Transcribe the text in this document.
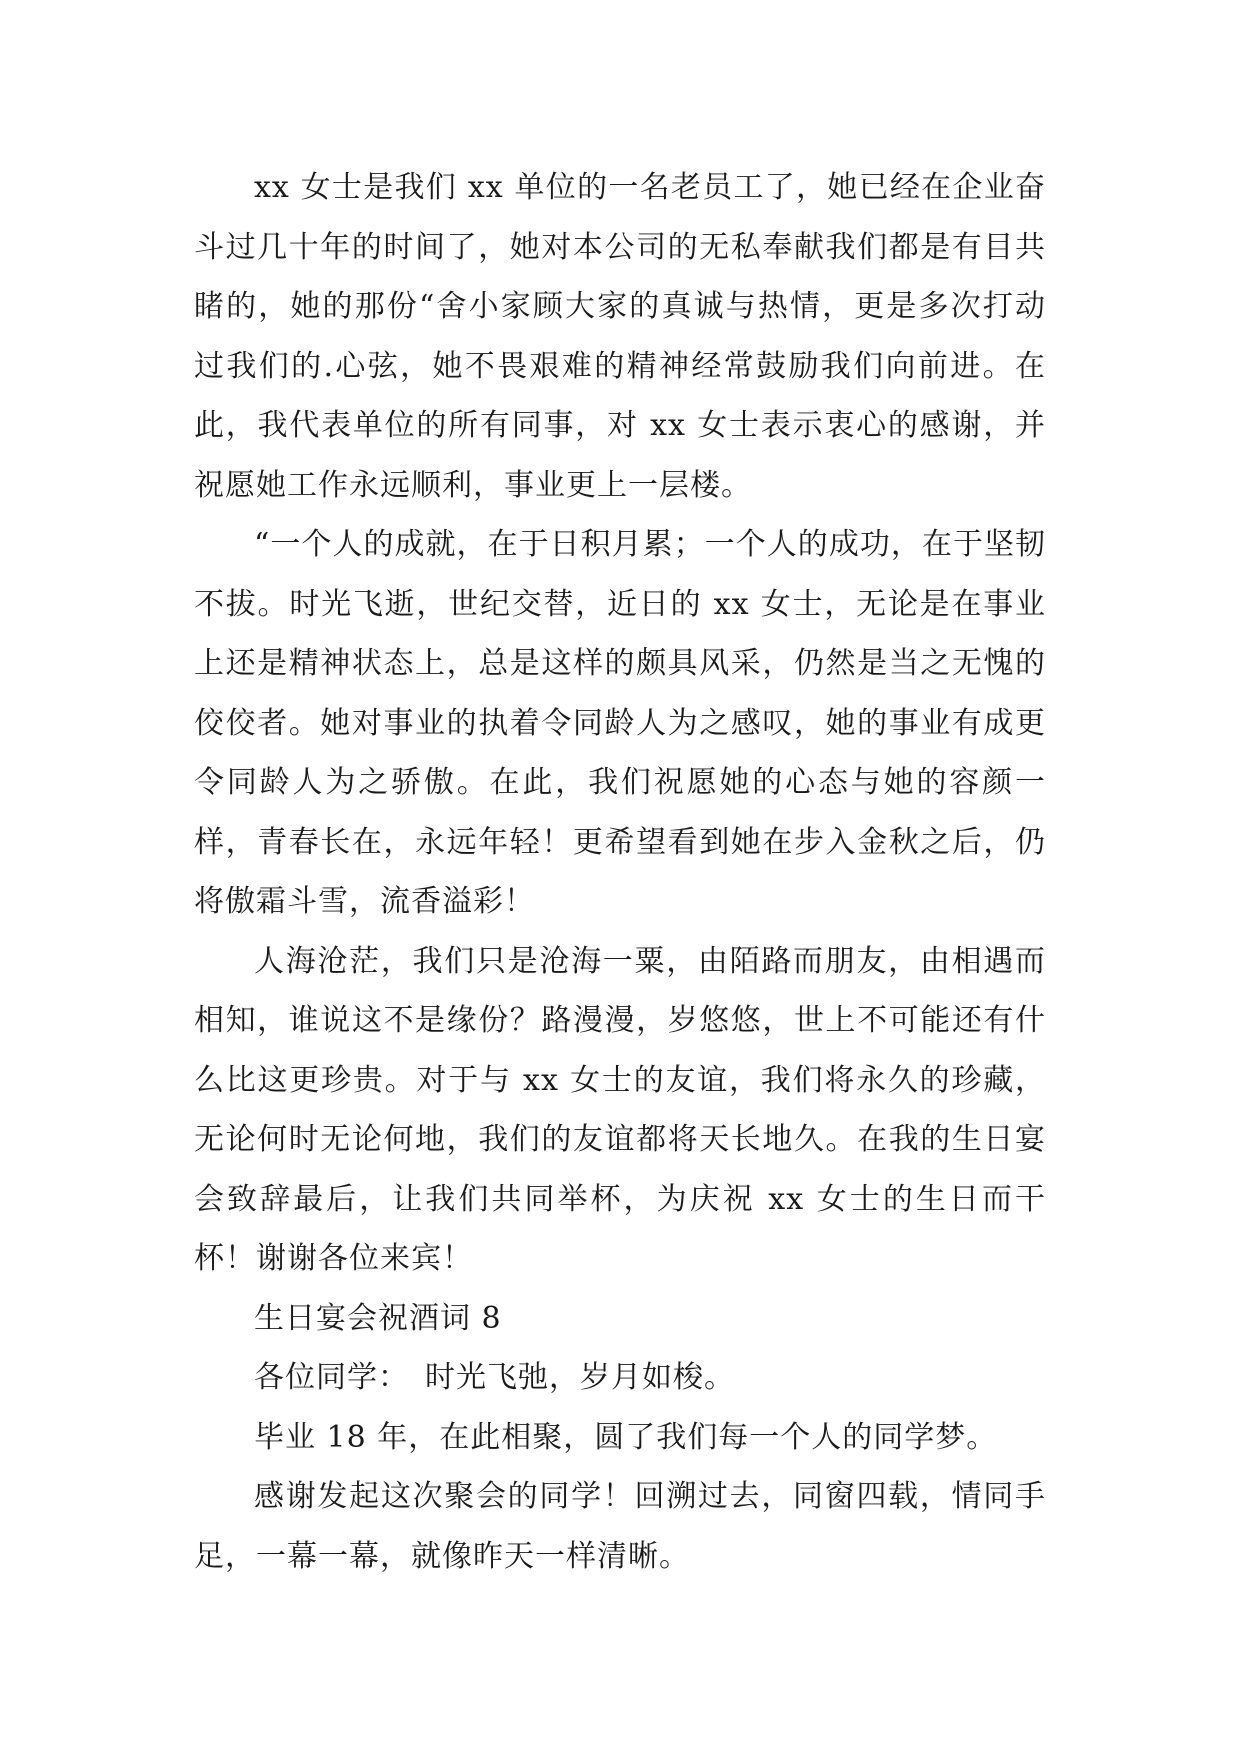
xx 女士是我们 xx 单位的一名老员工了，她已经在企业奋斗过几十年的时间了，她对本公司的无私奉献我们都是有目共睹的，她的那份“舍小家顾大家的真诚与热情，更是多次打动过我们的.心弦，她不畏艰难的精神经常鼓励我们向前进。在此，我代表单位的所有同事，对 xx 女士表示衷心的感谢，并祝愿她工作永远顺利，事业更上一层楼。

“一个人的成就，在于日积月累；一个人的成功，在于坚韧不拔。时光飞逝，世纪交替，近日的 xx 女士，无论是在事业上还是精神状态上，总是这样的颇具风采，仍然是当之无愧的佼佼者。她对事业的执着令同龄人为之感叹，她的事业有成更令同龄人为之骄傲。在此，我们祝愿她的心态与她的容颜一样，青春长在，永远年轻！更希望看到她在步入金秋之后，仍将傲霜斗雪，流香溢彩！

人海沧茫，我们只是沧海一粟，由陌路而朋友，由相遇而相知，谁说这不是缘份？路漫漫，岁悠悠，世上不可能还有什么比这更珍贵。对于与 xx 女士的友谊，我们将永久的珍藏，无论何时无论何地，我们的友谊都将天长地久。在我的生日宴会致辞最后，让我们共同举杯，为庆祝 xx 女士的生日而干杯！谢谢各位来宾！

生日宴会祝酒词 8

各位同学：　时光飞弛，岁月如梭。

毕业 18 年，在此相聚，圆了我们每一个人的同学梦。

感谢发起这次聚会的同学！回溯过去，同窗四载，情同手足，一幕一幕，就像昨天一样清晰。
